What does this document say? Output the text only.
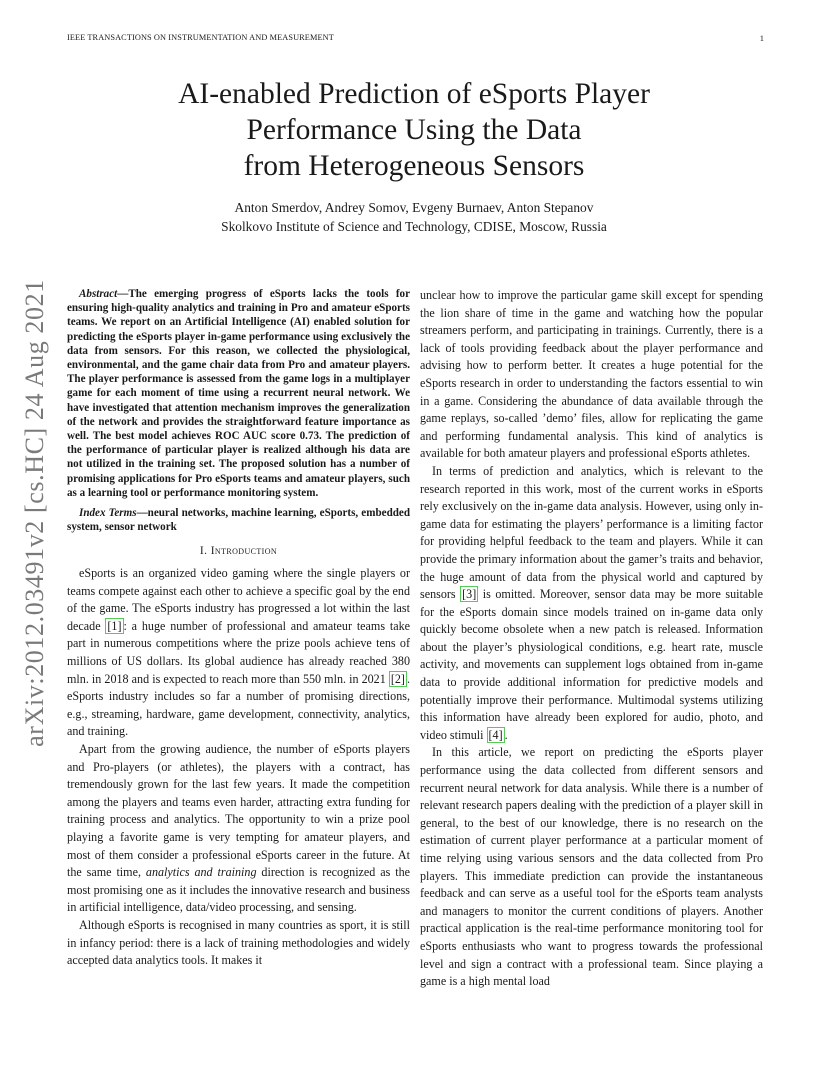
IEEE TRANSACTIONS ON INSTRUMENTATION AND MEASUREMENT	1
arXiv:2012.03491v2 [cs.HC] 24 Aug 2021
AI-enabled Prediction of eSports Player
Performance Using the Data
from Heterogeneous Sensors
Anton Smerdov, Andrey Somov, Evgeny Burnaev, Anton Stepanov
Skolkovo Institute of Science and Technology, CDISE, Moscow, Russia

Abstract—The emerging progress of eSports lacks the tools for ensuring high-quality analytics and training in Pro and amateur eSports teams. We report on an Artificial Intelligence (AI) enabled solution for predicting the eSports player in-game performance using exclusively the data from sensors. For this reason, we collected the physiological, environmental, and the game chair data from Pro and amateur players. The player performance is assessed from the game logs in a multiplayer game for each moment of time using a recurrent neural network. We have investigated that attention mechanism improves the generalization of the network and provides the straightforward feature importance as well. The best model achieves ROC AUC score 0.73. The prediction of the performance of particular player is realized although his data are not utilized in the training set. The proposed solution has a number of promising applications for Pro eSports teams and amateur players, such as a learning tool or performance monitoring system.

Index Terms—neural networks, machine learning, eSports, embedded system, sensor network

I. Introduction

eSports is an organized video gaming where the single players or teams compete against each other to achieve a specific goal by the end of the game. The eSports industry has progressed a lot within the last decade [1] : a huge number of professional and amateur teams take part in numerous competitions where the prize pools achieve tens of millions of US dollars. Its global audience has already reached 380 mln. in 2018 and is expected to reach more than 550 mln. in 2021 [2] . eSports industry includes so far a number of promising directions, e.g., streaming, hardware, game development, connectivity, analytics, and training.

Apart from the growing audience, the number of eSports players and Pro-players (or athletes), the players with a contract, has tremendously grown for the last few years. It made the competition among the players and teams even harder, attracting extra funding for training process and analytics. The opportunity to win a prize pool playing a favorite game is very tempting for amateur players, and most of them consider a professional eSports career in the future. At the same time, analytics and training direction is recognized as the most promising one as it includes the innovative research and business in artificial intelligence, data/video processing, and sensing.

Although eSports is recognised in many countries as sport, it is still in infancy period: there is a lack of training methodologies and widely accepted data analytics tools. It makes it

unclear how to improve the particular game skill except for spending the lion share of time in the game and watching how the popular streamers perform, and participating in trainings. Currently, there is a lack of tools providing feedback about the player performance and advising how to perform better. It creates a huge potential for the eSports research in order to understanding the factors essential to win in a game. Considering the abundance of data available through the game replays, so-called ’demo’ files, allow for replicating the game and performing fundamental analysis. This kind of analytics is available for both amateur players and professional eSports athletes.

In terms of prediction and analytics, which is relevant to the research reported in this work, most of the current works in eSports rely exclusively on the in-game data analysis. However, using only in-game data for estimating the players’ performance is a limiting factor for providing helpful feedback to the team and players. While it can provide the primary information about the gamer’s traits and behavior, the huge amount of data from the physical world and captured by sensors [3] is omitted. Moreover, sensor data may be more suitable for the eSports domain since models trained on in-game data only quickly become obsolete when a new patch is released. Information about the player’s physiological conditions, e.g. heart rate, muscle activity, and movements can supplement logs obtained from in-game data to provide additional information for predictive models and potentially improve their performance. Multimodal systems utilizing this information have already been explored for audio, photo, and video stimuli [4] .

In this article, we report on predicting the eSports player performance using the data collected from different sensors and recurrent neural network for data analysis. While there is a number of relevant research papers dealing with the prediction of a player skill in general, to the best of our knowledge, there is no research on the estimation of current player performance at a particular moment of time relying using various sensors and the data collected from Pro players. This immediate prediction can provide the instantaneous feedback and can serve as a useful tool for the eSports team analysts and managers to monitor the current conditions of players. Another practical application is the real-time performance monitoring tool for eSports enthusiasts who want to progress towards the professional level and sign a contract with a professional team. Since playing a game is a high mental load
